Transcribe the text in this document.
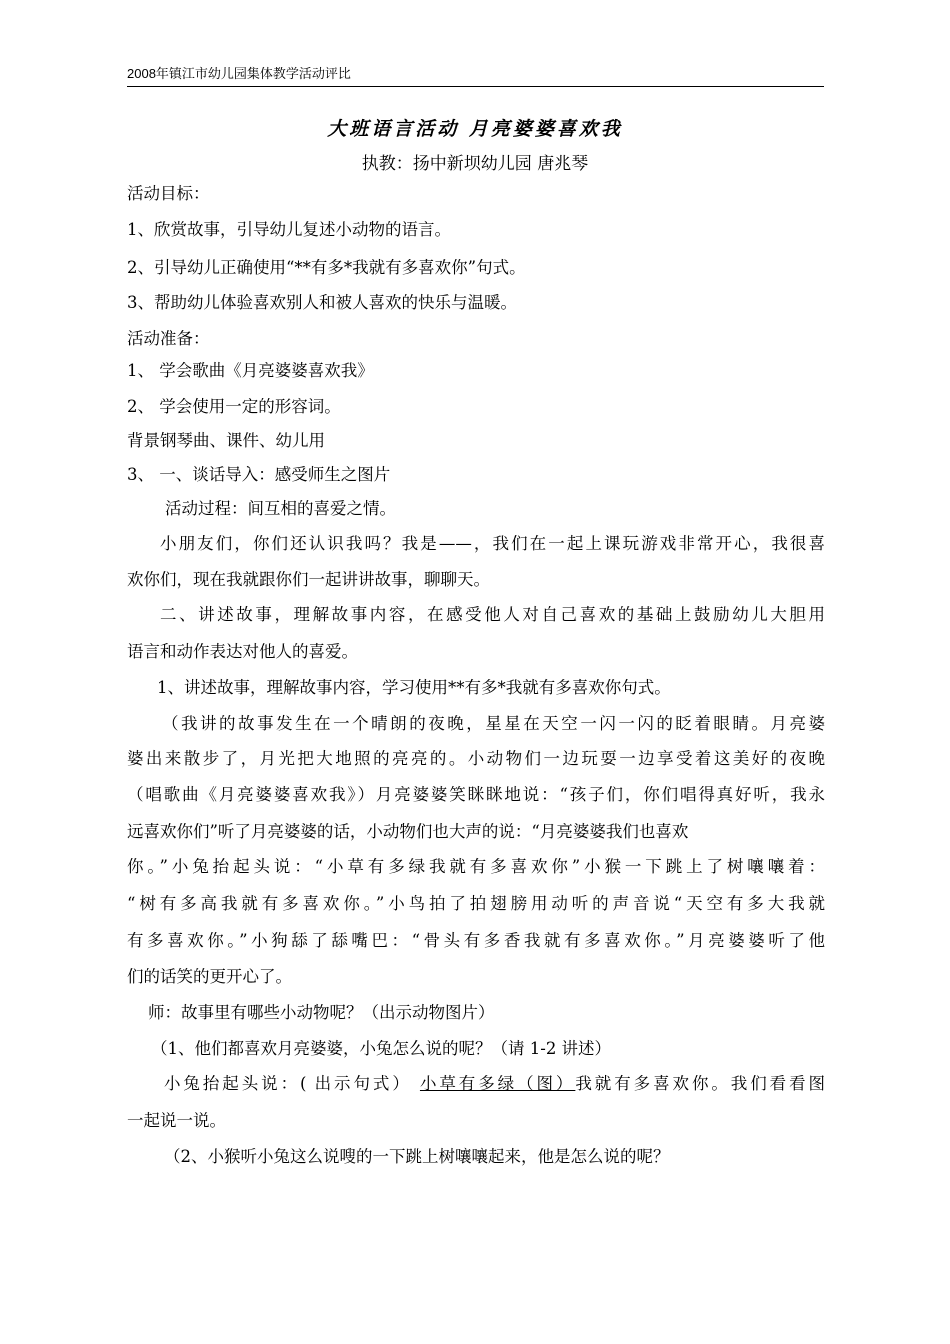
2008年镇江市幼儿园集体教学活动评比
大班语言活动 月亮婆婆喜欢我
执教：扬中新坝幼儿园 唐兆琴
活动目标：
1、欣赏故事，引导幼儿复述小动物的语言。
2、引导幼儿正确使用“**有多*我就有多喜欢你”句式。
3、帮助幼儿体验喜欢别人和被人喜欢的快乐与温暖。
活动准备：
1、 学会歌曲《月亮婆婆喜欢我》
2、 学会使用一定的形容词。
背景钢琴曲、课件、幼儿用
3、 一、谈话导入：感受师生之图片
活动过程：间互相的喜爱之情。
小朋友们，你们还认识我吗？我是——，我们在一起上课玩游戏非常开心，我很喜
欢你们，现在我就跟你们一起讲讲故事，聊聊天。
二、讲述故事，理解故事内容，在感受他人对自己喜欢的基础上鼓励幼儿大胆用
语言和动作表达对他人的喜爱。
1、讲述故事，理解故事内容，学习使用**有多*我就有多喜欢你句式。
（我讲的故事发生在一个晴朗的夜晚，星星在天空一闪一闪的眨着眼睛。月亮婆
婆出来散步了，月光把大地照的亮亮的。小动物们一边玩耍一边享受着这美好的夜晚
（唱歌曲《月亮婆婆喜欢我》）月亮婆婆笑眯眯地说：“孩子们，你们唱得真好听，我永
远喜欢你们”听了月亮婆婆的话，小动物们也大声的说：“月亮婆婆我们也喜欢
你。”小兔抬起头说：“小草有多绿我就有多喜欢你”小猴一下跳上了树嚷嚷着：
“树有多高我就有多喜欢你。”小鸟拍了拍翅膀用动听的声音说“天空有多大我就
有多喜欢你。”小狗舔了舔嘴巴：“骨头有多香我就有多喜欢你。”月亮婆婆听了他
们的话笑的更开心了。
师：故事里有哪些小动物呢？（出示动物图片）
（1、他们都喜欢月亮婆婆，小兔怎么说的呢？（请 1-2 讲述）
小兔抬起头说：( 出示句式） 小草有多绿（图）我就有多喜欢你。我们看看图
一起说一说。
（2、小猴听小兔这么说嗖的一下跳上树嚷嚷起来，他是怎么说的呢？
